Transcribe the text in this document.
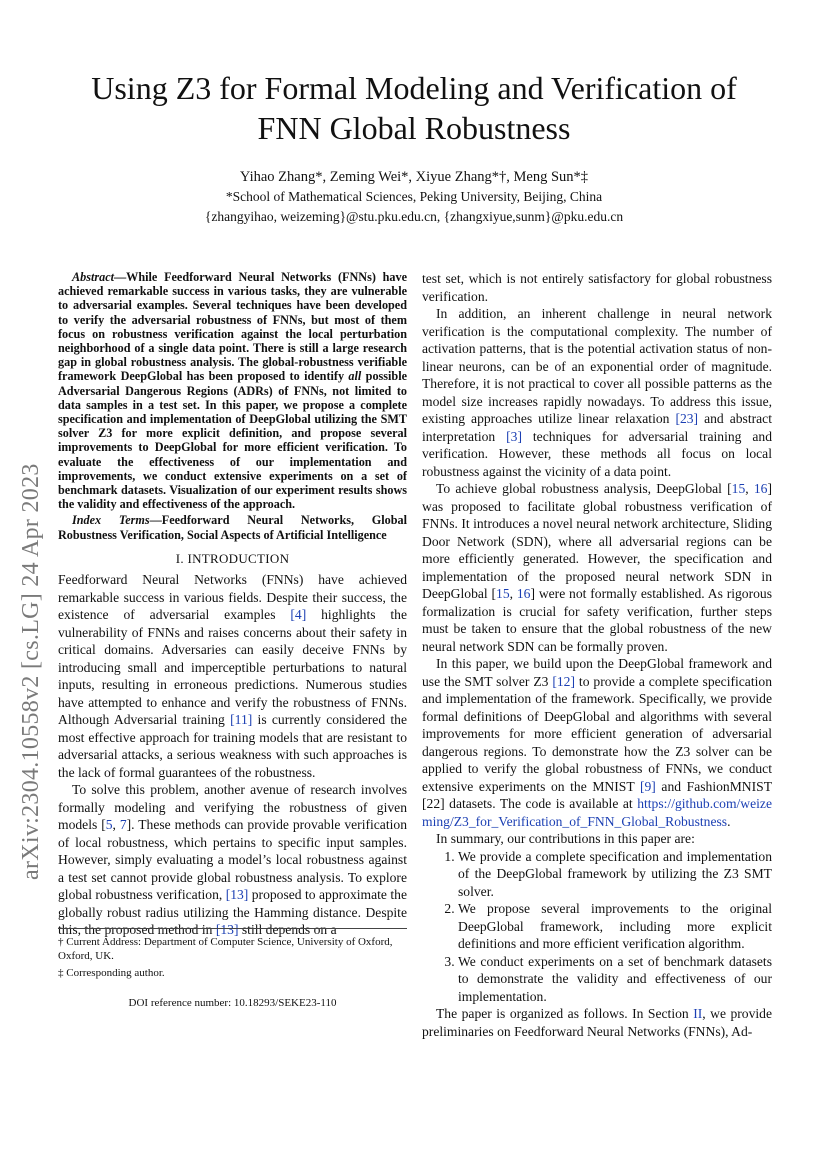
arXiv:2304.10558v2 [cs.LG] 24 Apr 2023
Using Z3 for Formal Modeling and Verification of
FNN Global Robustness
Yihao Zhang*, Zeming Wei*, Xiyue Zhang*†, Meng Sun*‡
*School of Mathematical Sciences, Peking University, Beijing, China
{zhangyihao, weizeming}@stu.pku.edu.cn, {zhangxiyue,sunm}@pku.edu.cn

Abstract—While Feedforward Neural Networks (FNNs) have achieved remarkable success in various tasks, they are vulnerable to adversarial examples. Several techniques have been developed to verify the adversarial robustness of FNNs, but most of them focus on robustness verification against the local perturbation neighborhood of a single data point. There is still a large research gap in global robustness analysis. The global-robustness verifiable framework DeepGlobal has been proposed to identify all possible Adversarial Dangerous Regions (ADRs) of FNNs, not limited to data samples in a test set. In this paper, we propose a complete specification and implementation of DeepGlobal utilizing the SMT solver Z3 for more explicit definition, and propose several improvements to DeepGlobal for more efficient verification. To evaluate the effectiveness of our implementation and improvements, we conduct extensive experiments on a set of benchmark datasets. Visualization of our experiment results shows the validity and effectiveness of the approach.

Index Terms—Feedforward Neural Networks, Global Robustness Verification, Social Aspects of Artificial Intelligence

I. INTRODUCTION

Feedforward Neural Networks (FNNs) have achieved remarkable success in various fields. Despite their success, the existence of adversarial examples [4] highlights the vulnerability of FNNs and raises concerns about their safety in critical domains. Adversaries can easily deceive FNNs by introducing small and imperceptible perturbations to natural inputs, resulting in erroneous predictions. Numerous studies have attempted to enhance and verify the robustness of FNNs. Although Adversarial training [11] is currently considered the most effective approach for training models that are resistant to adversarial attacks, a serious weakness with such approaches is the lack of formal guarantees of the robustness.

To solve this problem, another avenue of research involves formally modeling and verifying the robustness of given models [5, 7]. These methods can provide provable verification of local robustness, which pertains to specific input samples. However, simply evaluating a model’s local robustness against a test set cannot provide global robustness analysis. To explore global robustness verification, [13] proposed to approximate the globally robust radius utilizing the Hamming distance. Despite this, the proposed method in [13] still depends on a

† Current Address: Department of Computer Science, University of Oxford, Oxford, UK.
‡ Corresponding author.
DOI reference number: 10.18293/SEKE23-110

test set, which is not entirely satisfactory for global robustness verification.

In addition, an inherent challenge in neural network verification is the computational complexity. The number of activation patterns, that is the potential activation status of non-linear neurons, can be of an exponential order of magnitude. Therefore, it is not practical to cover all possible patterns as the model size increases rapidly nowadays. To address this issue, existing approaches utilize linear relaxation [23] and abstract interpretation [3] techniques for adversarial training and verification. However, these methods all focus on local robustness against the vicinity of a data point.

To achieve global robustness analysis, DeepGlobal [15, 16] was proposed to facilitate global robustness verification of FNNs. It introduces a novel neural network architecture, Sliding Door Network (SDN), where all adversarial regions can be more efficiently generated. However, the specification and implementation of the proposed neural network SDN in DeepGlobal [15, 16] were not formally established. As rigorous formalization is crucial for safety verification, further steps must be taken to ensure that the global robustness of the new neural network SDN can be formally proven.

In this paper, we build upon the DeepGlobal framework and use the SMT solver Z3 [12] to provide a complete specification and implementation of the framework. Specifically, we provide formal definitions of DeepGlobal and algorithms with several improvements for more efficient generation of adversarial dangerous regions. To demonstrate how the Z3 solver can be applied to verify the global robustness of FNNs, we conduct extensive experiments on the MNIST [9] and FashionMNIST [22] datasets. The code is available at https://github.com/weizeming/Z3_for_Verification_of_FNN_Global_Robustness.

In summary, our contributions in this paper are:

1. We provide a complete specification and implementation of the DeepGlobal framework by utilizing the Z3 SMT solver.
2. We propose several improvements to the original DeepGlobal framework, including more explicit definitions and more efficient verification algorithm.
3. We conduct experiments on a set of benchmark datasets to demonstrate the validity and effectiveness of our implementation.

The paper is organized as follows. In Section II, we provide preliminaries on Feedforward Neural Networks (FNNs), Ad-
